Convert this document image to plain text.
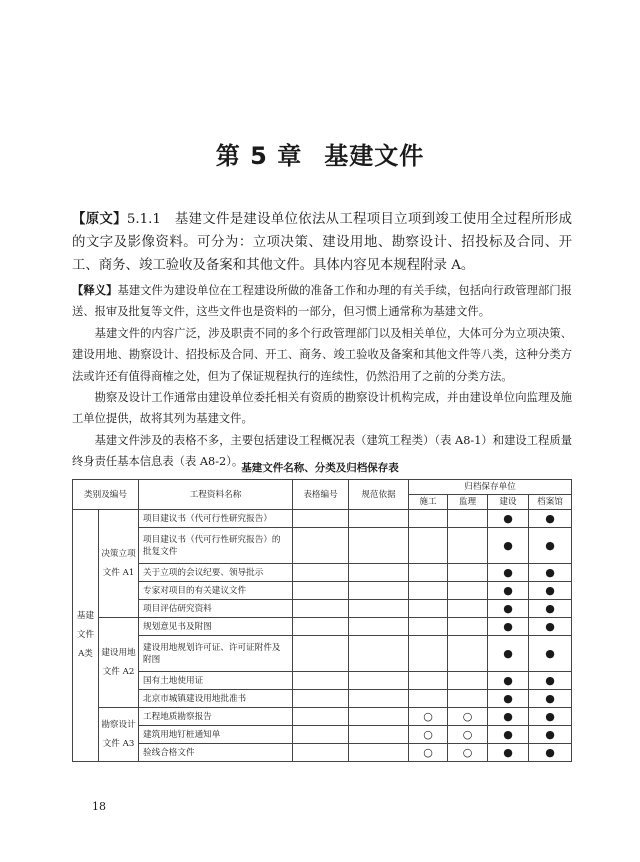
第 5 章 基建文件
【原文】5.1.1　基建文件是建设单位依法从工程项目立项到竣工使用全过程所形成的文字及影像资料。可分为：立项决策、建设用地、勘察设计、招投标及合同、开工、商务、竣工验收及备案和其他文件。具体内容见本规程附录 A。

【释义】基建文件为建设单位在工程建设所做的准备工作和办理的有关手续，包括向行政管理部门报送、报审及批复等文件，这些文件也是资料的一部分，但习惯上通常称为基建文件。

基建文件的内容广泛，涉及职责不同的多个行政管理部门以及相关单位，大体可分为立项决策、建设用地、勘察设计、招投标及合同、开工、商务、竣工验收及备案和其他文件等八类，这种分类方法或许还有值得商榷之处，但为了保证规程执行的连续性，仍然沿用了之前的分类方法。

勘察及设计工作通常由建设单位委托相关有资质的勘察设计机构完成，并由建设单位向监理及施工单位提供，故将其列为基建文件。

基建文件涉及的表格不多，主要包括建设工程概况表（建筑工程类）（表 A8-1）和建设工程质量终身责任基本信息表（表 A8-2）。

基建文件名称、分类及归档保存表
类别及编号		工程资料名称	表格编号	规范依据	归档保存单位			
					施工	监理	建设	档案馆
基建文件A类	决策立项文件 A1	项目建议书（代可行性研究报告）					●	●
		项目建议书（代可行性研究报告）的批复文件					●	●
		关于立项的会议纪要、领导批示					●	●
		专家对项目的有关建议文件					●	●
		项目评估研究资料					●	●
	建设用地文件 A2	规划意见书及附图					●	●
		建设用地规划许可证、许可证附件及附图					●	●
		国有土地使用证					●	●
		北京市城镇建设用地批准书					●	●
	勘察设计文件 A3	工程地质勘察报告			○	○	●	●
		建筑用地钉桩通知单			○	○	●	●
		验线合格文件			○	○	●	●
18
